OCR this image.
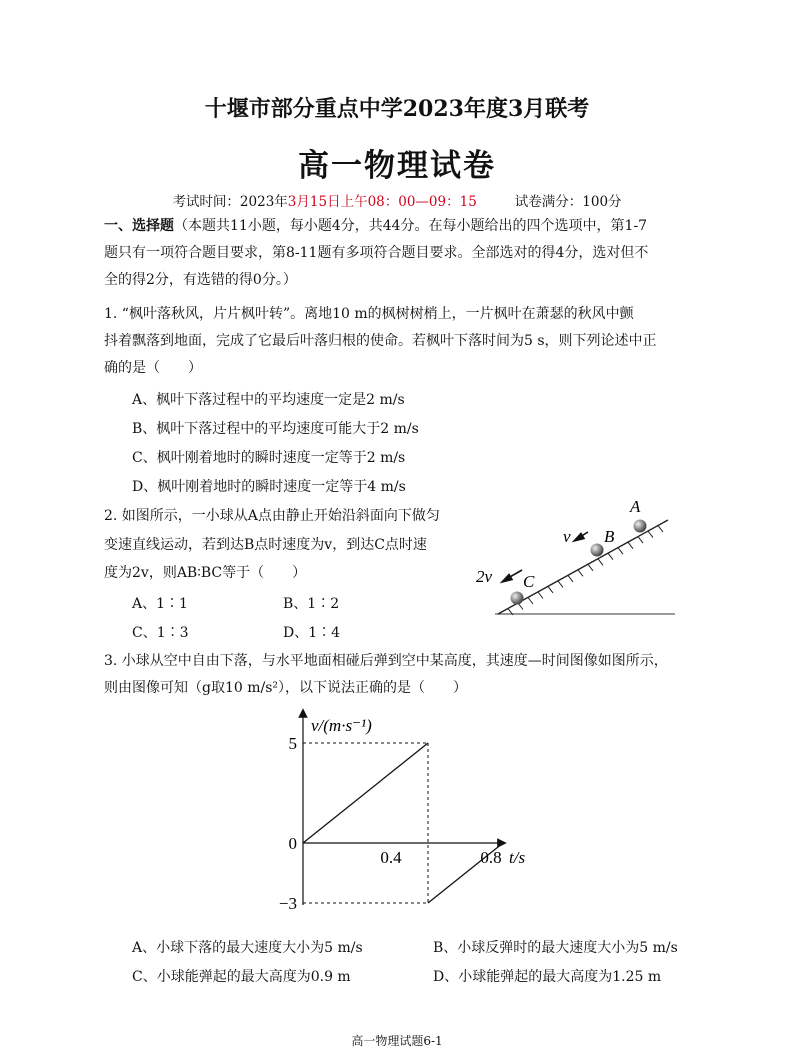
十堰市部分重点中学2023年度3月联考
高一物理试卷
考试时间：2023年3月15日上午08：00—09：15	试卷满分：100分
一、选择题（本题共11小题，每小题4分，共44分。在每小题给出的四个选项中，第1-7
题只有一项符合题目要求，第8-11题有多项符合题目要求。全部选对的得4分，选对但不
全的得2分，有选错的得0分。）
1. “枫叶落秋风，片片枫叶转”。离地10 m的枫树树梢上，一片枫叶在萧瑟的秋风中颤
抖着飘落到地面，完成了它最后叶落归根的使命。若枫叶下落时间为5 s，则下列论述中正
确的是（　　）
A、枫叶下落过程中的平均速度一定是2 m/s
B、枫叶下落过程中的平均速度可能大于2 m/s
C、枫叶刚着地时的瞬时速度一定等于2 m/s
D、枫叶刚着地时的瞬时速度一定等于4 m/s
2. 如图所示，一小球从A点由静止开始沿斜面向下做匀
变速直线运动，若到达B点时速度为v，到达C点时速
度为2v，则AB∶BC等于（　　）
A、1∶1	B、1∶2
C、1∶3	D、1∶4
A
B
C
v
2v
3. 小球从空中自由下落，与水平地面相碰后弹到空中某高度，其速度—时间图像如图所示，
则由图像可知（g取10 m/s²），以下说法正确的是（　　）
5
0
−3
0.4	0.8
v/(m·s⁻¹)
t/s
A、小球下落的最大速度大小为5 m/s	B、小球反弹时的最大速度大小为5 m/s
C、小球能弹起的最大高度为0.9 m	D、小球能弹起的最大高度为1.25 m
高一物理试题6-1
